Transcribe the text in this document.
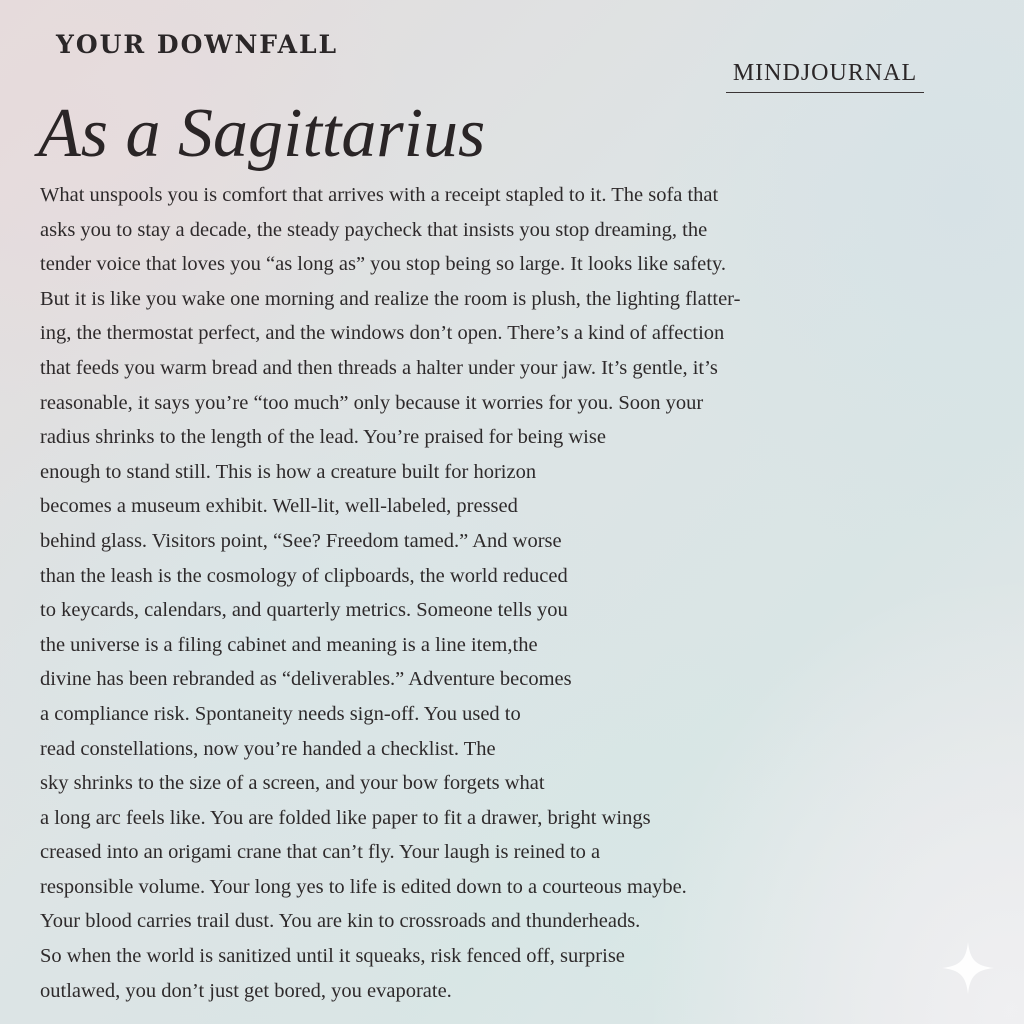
YOUR DOWNFALL
MINDJOURNAL
As a Sagittarius
What unspools you is comfort that arrives with a receipt stapled to it. The sofa that
asks you to stay a decade, the steady paycheck that insists you stop dreaming, the
tender voice that loves you “as long as” you stop being so large. It looks like safety.
But it is like you wake one morning and realize the room is plush, the lighting flatter-
ing, the thermostat perfect, and the windows don’t open. There’s a kind of affection
that feeds you warm bread and then threads a halter under your jaw. It’s gentle, it’s
reasonable, it says you’re “too much” only because it worries for you. Soon your
radius shrinks to the length of the lead. You’re praised for being wise
enough to stand still. This is how a creature built for horizon
becomes a museum exhibit. Well-lit, well-labeled, pressed
behind glass. Visitors point, “See? Freedom tamed.” And worse
than the leash is the cosmology of clipboards, the world reduced
to keycards, calendars, and quarterly metrics. Someone tells you
the universe is a filing cabinet and meaning is a line item,the
divine has been rebranded as “deliverables.” Adventure becomes
a compliance risk. Spontaneity needs sign-off. You used to
read constellations, now you’re handed a checklist. The
sky shrinks to the size of a screen, and your bow forgets what
a long arc feels like. You are folded like paper to fit a drawer, bright wings
creased into an origami crane that can’t fly. Your laugh is reined to a
responsible volume. Your long yes to life is edited down to a courteous maybe.
Your blood carries trail dust. You are kin to crossroads and thunderheads.
So when the world is sanitized until it squeaks, risk fenced off, surprise
outlawed, you don’t just get bored, you evaporate.
